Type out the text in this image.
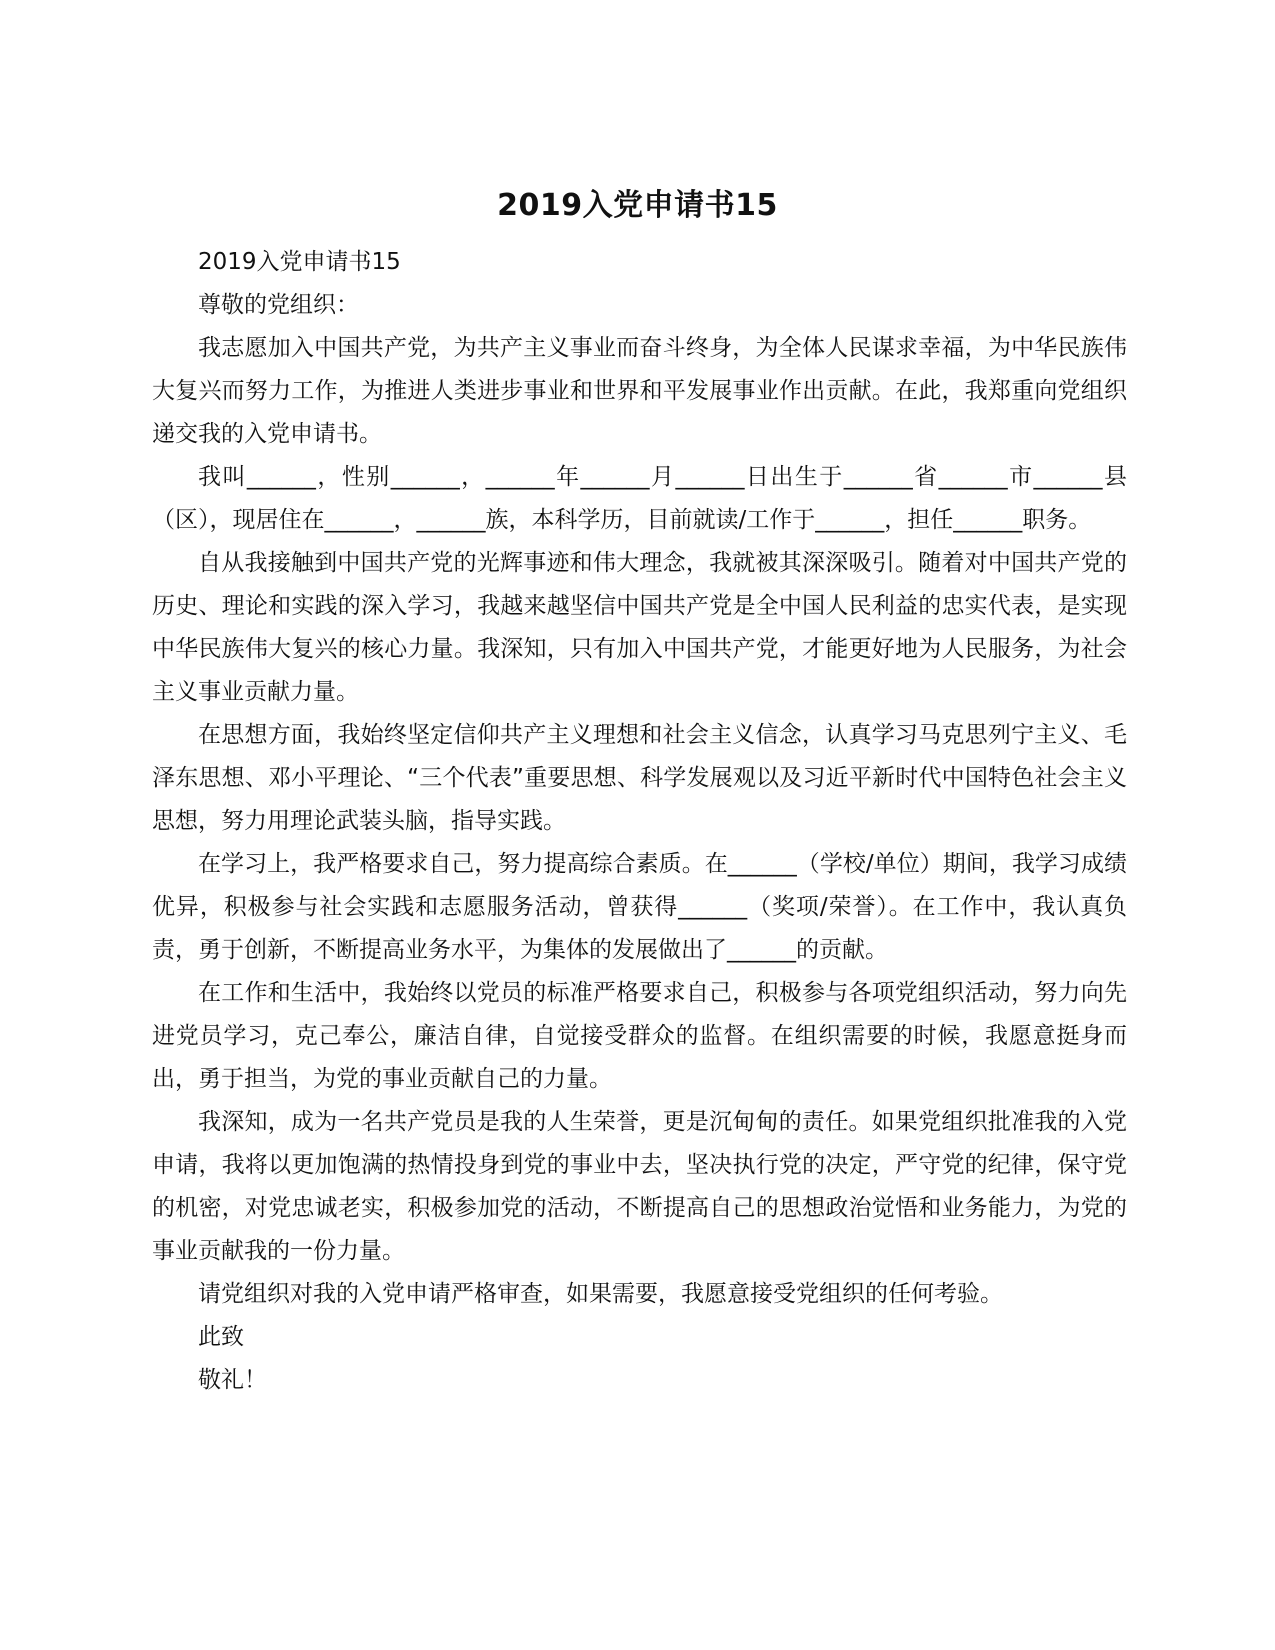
2019入党申请书15

2019入党申请书15

尊敬的党组织：

我志愿加入中国共产党，为共产主义事业而奋斗终身，为全体人民谋求幸福，为中华民族伟大复兴而努力工作，为推进人类进步事业和世界和平发展事业作出贡献。在此，我郑重向党组织递交我的入党申请书。

我叫______，性别______，______年______月______日出生于______省______市______县（区），现居住在______，______族，本科学历，目前就读/工作于______，担任______职务。

自从我接触到中国共产党的光辉事迹和伟大理念，我就被其深深吸引。随着对中国共产党的历史、理论和实践的深入学习，我越来越坚信中国共产党是全中国人民利益的忠实代表，是实现中华民族伟大复兴的核心力量。我深知，只有加入中国共产党，才能更好地为人民服务，为社会主义事业贡献力量。

在思想方面，我始终坚定信仰共产主义理想和社会主义信念，认真学习马克思列宁主义、毛泽东思想、邓小平理论、“三个代表”重要思想、科学发展观以及习近平新时代中国特色社会主义思想，努力用理论武装头脑，指导实践。

在学习上，我严格要求自己，努力提高综合素质。在______（学校/单位）期间，我学习成绩优异，积极参与社会实践和志愿服务活动，曾获得______（奖项/荣誉）。在工作中，我认真负责，勇于创新，不断提高业务水平，为集体的发展做出了______的贡献。

在工作和生活中，我始终以党员的标准严格要求自己，积极参与各项党组织活动，努力向先进党员学习，克己奉公，廉洁自律，自觉接受群众的监督。在组织需要的时候，我愿意挺身而出，勇于担当，为党的事业贡献自己的力量。

我深知，成为一名共产党员是我的人生荣誉，更是沉甸甸的责任。如果党组织批准我的入党申请，我将以更加饱满的热情投身到党的事业中去，坚决执行党的决定，严守党的纪律，保守党的机密，对党忠诚老实，积极参加党的活动，不断提高自己的思想政治觉悟和业务能力，为党的事业贡献我的一份力量。

请党组织对我的入党申请严格审查，如果需要，我愿意接受党组织的任何考验。

此致

敬礼！
